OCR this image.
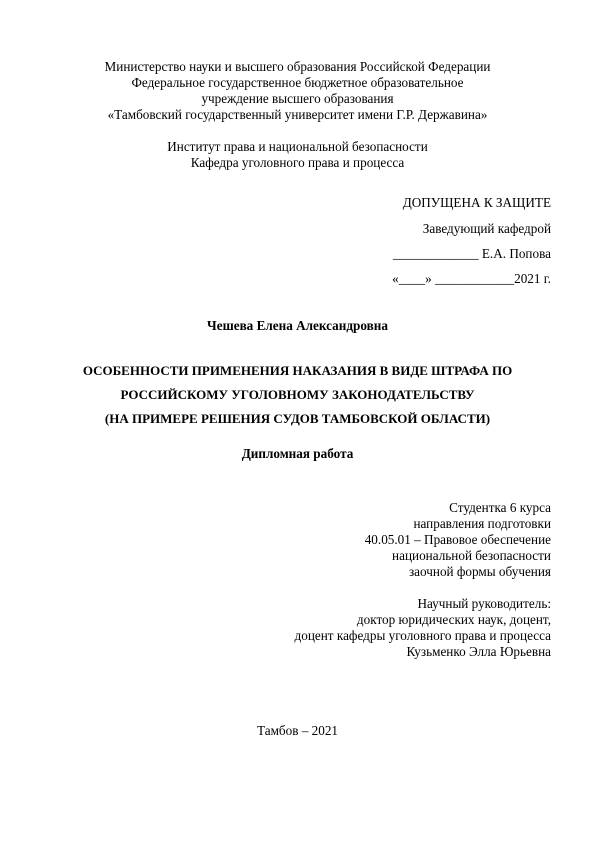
Министерство науки и высшего образования Российской Федерации
Федеральное государственное бюджетное образовательное
учреждение высшего образования
«Тамбовский государственный университет имени Г.Р. Державина»
Институт права и национальной безопасности
Кафедра уголовного права и процесса
ДОПУЩЕНА К ЗАЩИТЕ
Заведующий кафедрой
_____________ Е.А. Попова
«____» ____________2021 г.
Чешева Елена Александровна
ОСОБЕННОСТИ ПРИМЕНЕНИЯ НАКАЗАНИЯ В ВИДЕ ШТРАФА ПО
РОССИЙСКОМУ УГОЛОВНОМУ ЗАКОНОДАТЕЛЬСТВУ
(НА ПРИМЕРЕ РЕШЕНИЯ СУДОВ ТАМБОВСКОЙ ОБЛАСТИ)
Дипломная работа
Студентка 6 курса
направления подготовки
40.05.01 – Правовое обеспечение
национальной безопасности
заочной формы обучения
Научный руководитель:
доктор юридических наук, доцент,
доцент кафедры уголовного права и процесса
Кузьменко Элла Юрьевна
Тамбов – 2021
